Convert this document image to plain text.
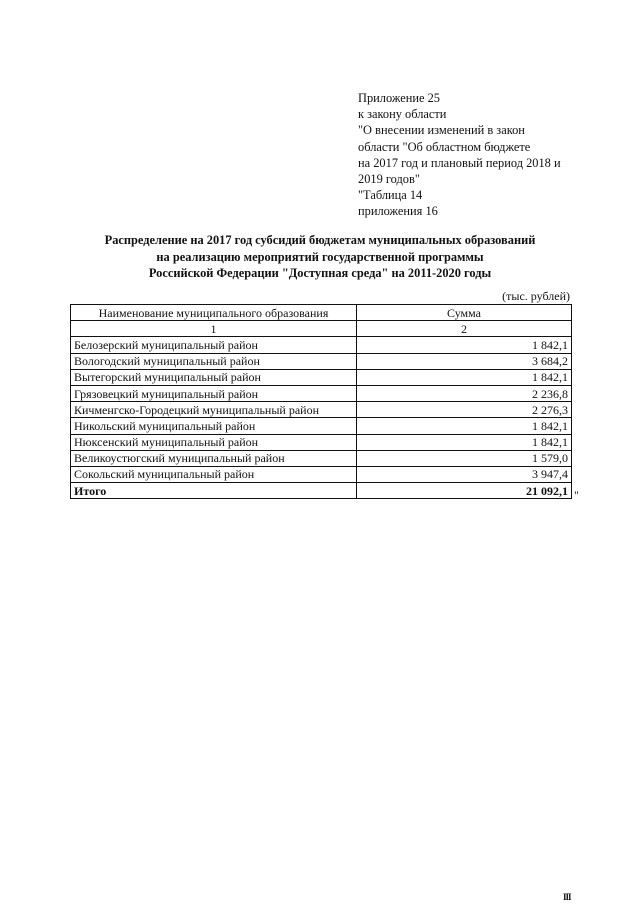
Приложение 25
к закону области
"О внесении изменений в закон
области "Об областном бюджете
на 2017 год и плановый период 2018 и
2019 годов"
"Таблица 14
приложения 16
Распределение на 2017 год субсидий бюджетам муниципальных образований
на реализацию мероприятий государственной программы
Российской Федерации "Доступная среда" на 2011-2020 годы
(тыс. рублей)
Наименование муниципального образования	Сумма
1	2
Белозерский муниципальный район	1 842,1
Вологодский муниципальный район	3 684,2
Вытегорский муниципальный район	1 842,1
Грязовецкий муниципальный район	2 236,8
Кичменгско-Городецкий муниципальный район	2 276,3
Никольский муниципальный район	1 842,1
Нюксенский муниципальный район	1 842,1
Великоустюгский муниципальный район	1 579,0
Сокольский муниципальный район	3 947,4
Итого	21 092,1 "
III
